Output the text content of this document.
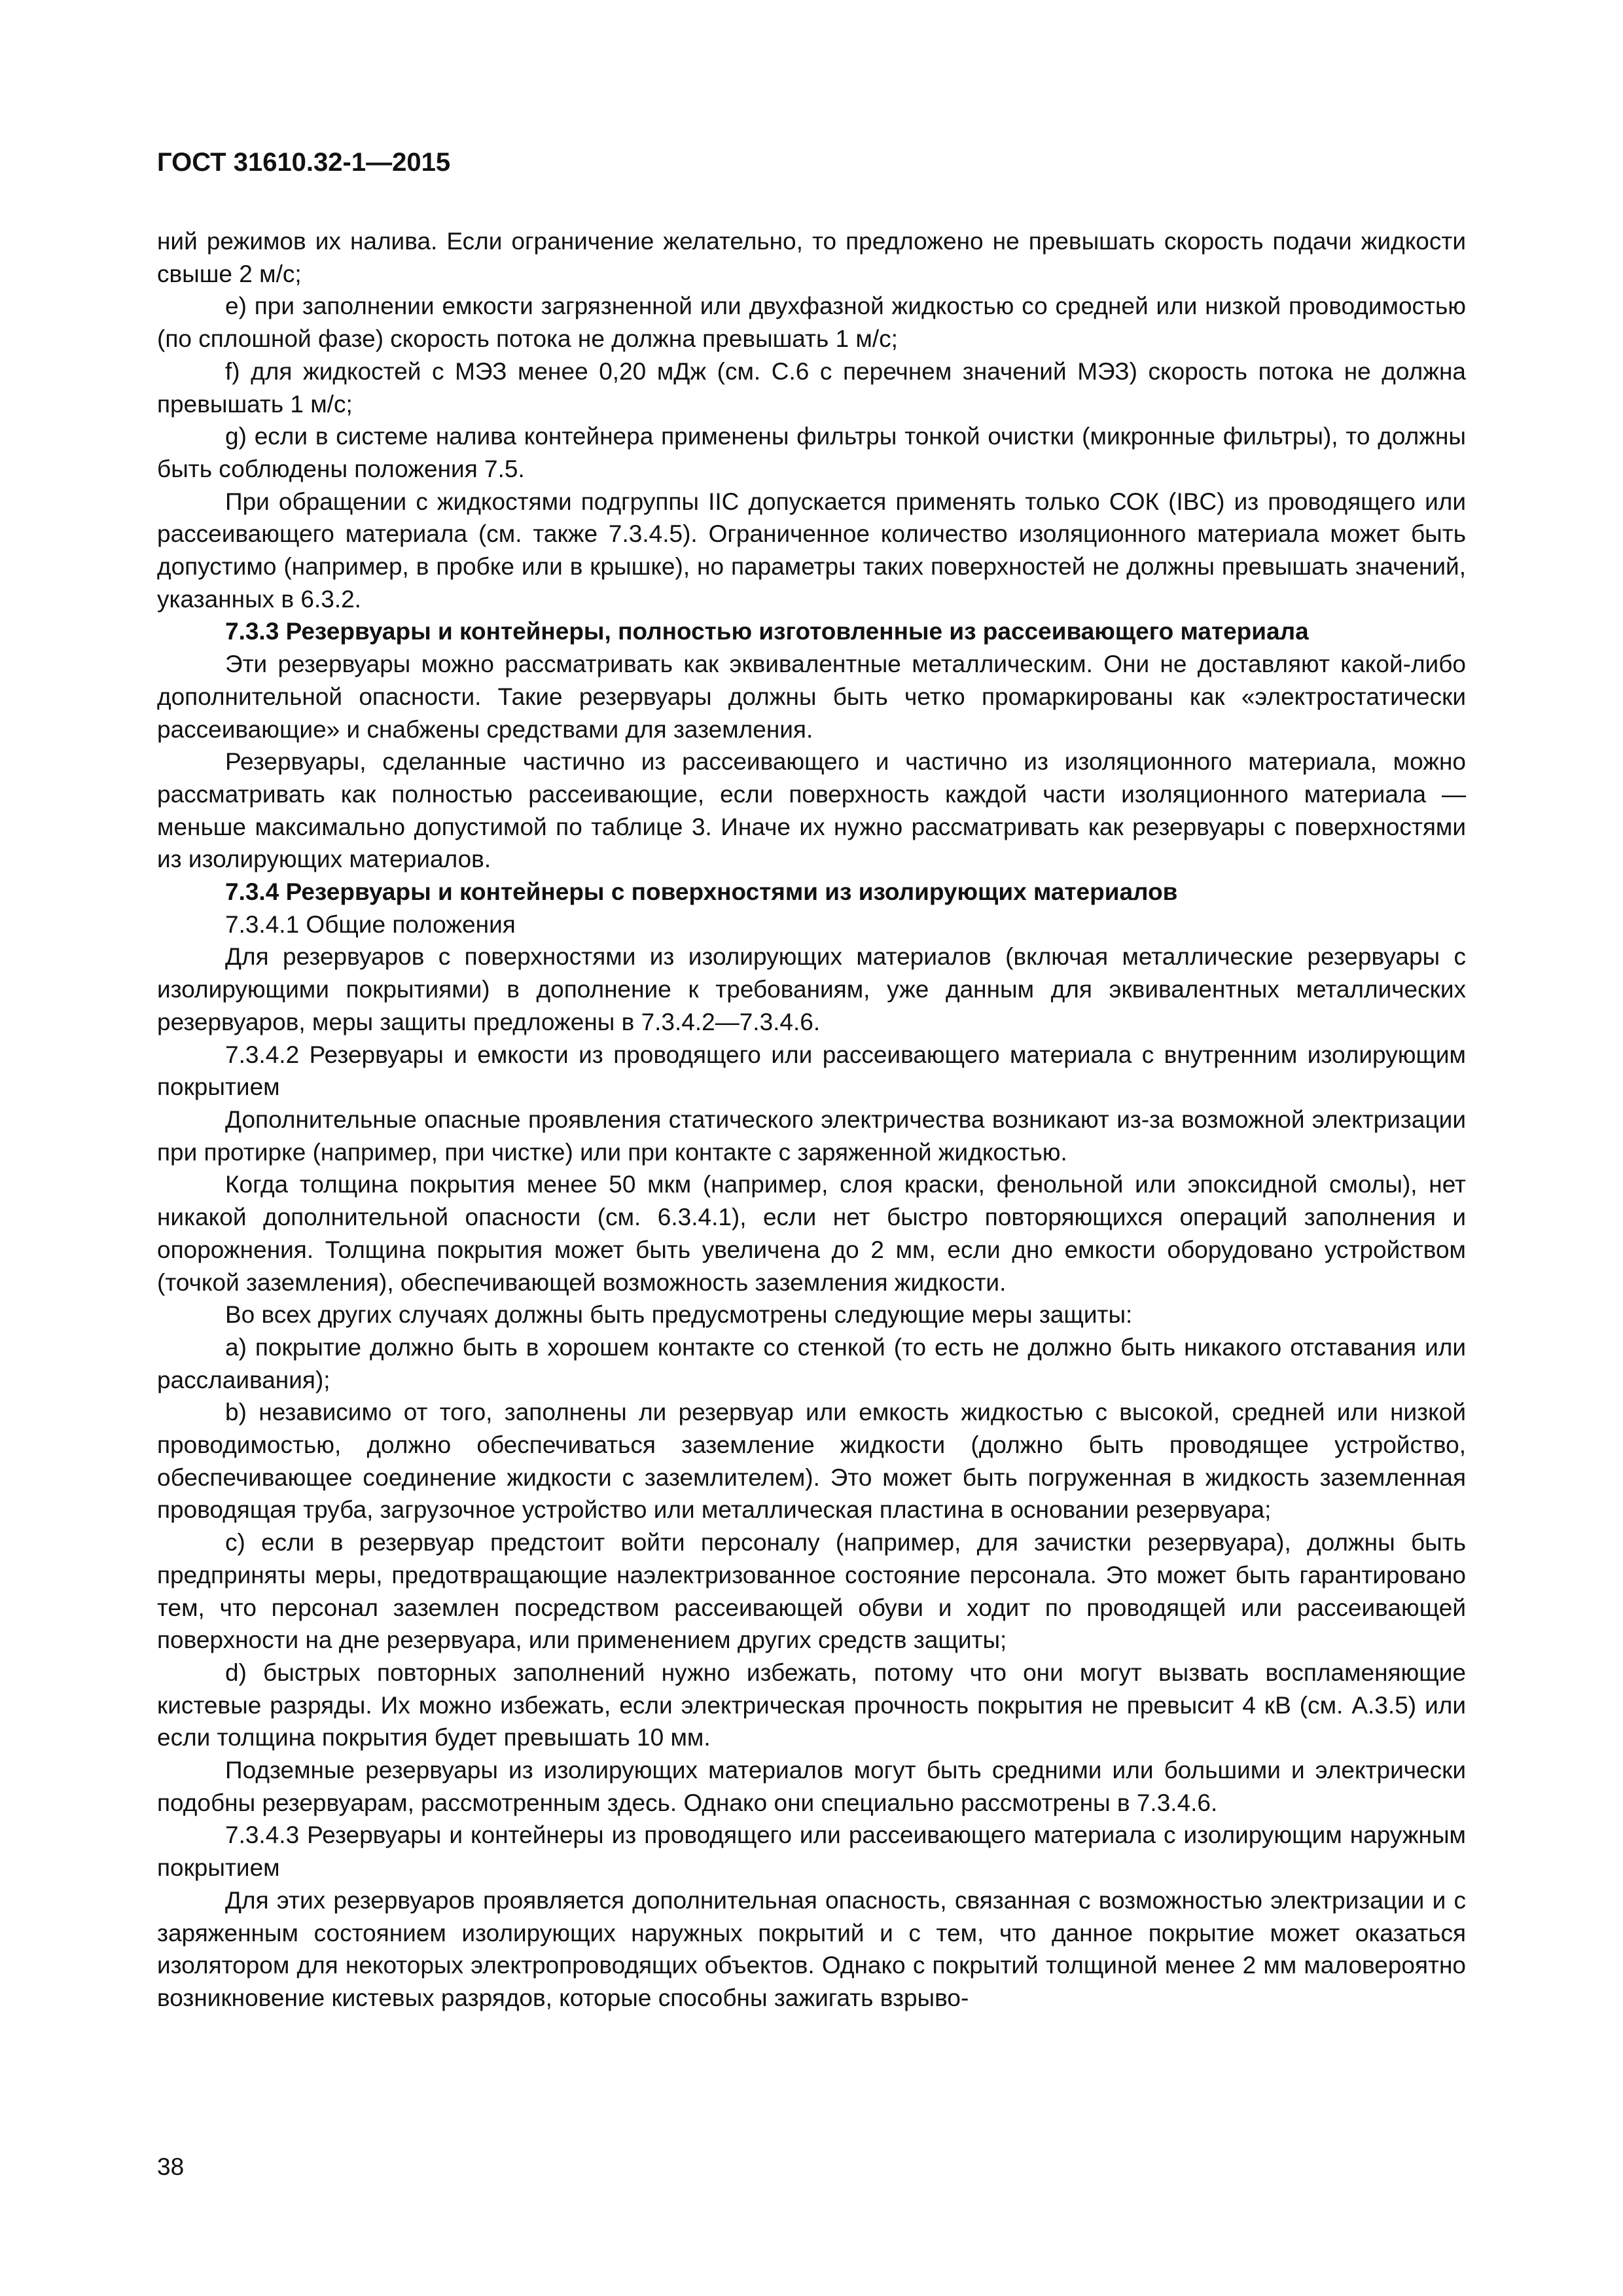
ГОСТ 31610.32-1—2015

ний режимов их налива. Если ограничение желательно, то предложено не превышать скорость подачи жидкости свыше 2 м/с;

e) при заполнении емкости загрязненной или двухфазной жидкостью со средней или низкой проводимостью (по сплошной фазе) скорость потока не должна превышать 1 м/с;

f) для жидкостей с МЭЗ менее 0,20 мДж (см. С.6 с перечнем значений МЭЗ) скорость потока не должна превышать 1 м/с;

g) если в системе налива контейнера применены фильтры тонкой очистки (микронные фильтры), то должны быть соблюдены положения 7.5.

При обращении с жидкостями подгруппы IIC допускается применять только СОК (IBC) из проводящего или рассеивающего материала (см. также 7.3.4.5). Ограниченное количество изоляционного материала может быть допустимо (например, в пробке или в крышке), но параметры таких поверхностей не должны превышать значений, указанных в 6.3.2.

7.3.3 Резервуары и контейнеры, полностью изготовленные из рассеивающего материала

Эти резервуары можно рассматривать как эквивалентные металлическим. Они не доставляют какой-либо дополнительной опасности. Такие резервуары должны быть четко промаркированы как «электростатически рассеивающие» и снабжены средствами для заземления.

Резервуары, сделанные частично из рассеивающего и частично из изоляционного материала, можно рассматривать как полностью рассеивающие, если поверхность каждой части изоляционного материала — меньше максимально допустимой по таблице 3. Иначе их нужно рассматривать как резервуары с поверхностями из изолирующих материалов.

7.3.4 Резервуары и контейнеры с поверхностями из изолирующих материалов

7.3.4.1 Общие положения

Для резервуаров с поверхностями из изолирующих материалов (включая металлические резервуары с изолирующими покрытиями) в дополнение к требованиям, уже данным для эквивалентных металлических резервуаров, меры защиты предложены в 7.3.4.2—7.3.4.6.

7.3.4.2 Резервуары и емкости из проводящего или рассеивающего материала с внутренним изолирующим покрытием

Дополнительные опасные проявления статического электричества возникают из-за возможной электризации при протирке (например, при чистке) или при контакте с заряженной жидкостью.

Когда толщина покрытия менее 50 мкм (например, слоя краски, фенольной или эпоксидной смолы), нет никакой дополнительной опасности (см. 6.3.4.1), если нет быстро повторяющихся операций заполнения и опорожнения. Толщина покрытия может быть увеличена до 2 мм, если дно емкости оборудовано устройством (точкой заземления), обеспечивающей возможность заземления жидкости.

Во всех других случаях должны быть предусмотрены следующие меры защиты:

a) покрытие должно быть в хорошем контакте со стенкой (то есть не должно быть никакого отставания или расслаивания);

b) независимо от того, заполнены ли резервуар или емкость жидкостью с высокой, средней или низкой проводимостью, должно обеспечиваться заземление жидкости (должно быть проводящее устройство, обеспечивающее соединение жидкости с заземлителем). Это может быть погруженная в жидкость заземленная проводящая труба, загрузочное устройство или металлическая пластина в основании резервуара;

c) если в резервуар предстоит войти персоналу (например, для зачистки резервуара), должны быть предприняты меры, предотвращающие наэлектризованное состояние персонала. Это может быть гарантировано тем, что персонал заземлен посредством рассеивающей обуви и ходит по проводящей или рассеивающей поверхности на дне резервуара, или применением других средств защиты;

d) быстрых повторных заполнений нужно избежать, потому что они могут вызвать воспламеняющие кистевые разряды. Их можно избежать, если электрическая прочность покрытия не превысит 4 кВ (см. А.3.5) или если толщина покрытия будет превышать 10 мм.

Подземные резервуары из изолирующих материалов могут быть средними или большими и электрически подобны резервуарам, рассмотренным здесь. Однако они специально рассмотрены в 7.3.4.6.

7.3.4.3 Резервуары и контейнеры из проводящего или рассеивающего материала с изолирующим наружным покрытием

Для этих резервуаров проявляется дополнительная опасность, связанная с возможностью электризации и с заряженным состоянием изолирующих наружных покрытий и с тем, что данное покрытие может оказаться изолятором для некоторых электропроводящих объектов. Однако с покрытий толщиной менее 2 мм маловероятно возникновение кистевых разрядов, которые способны зажигать взрыво-

38
